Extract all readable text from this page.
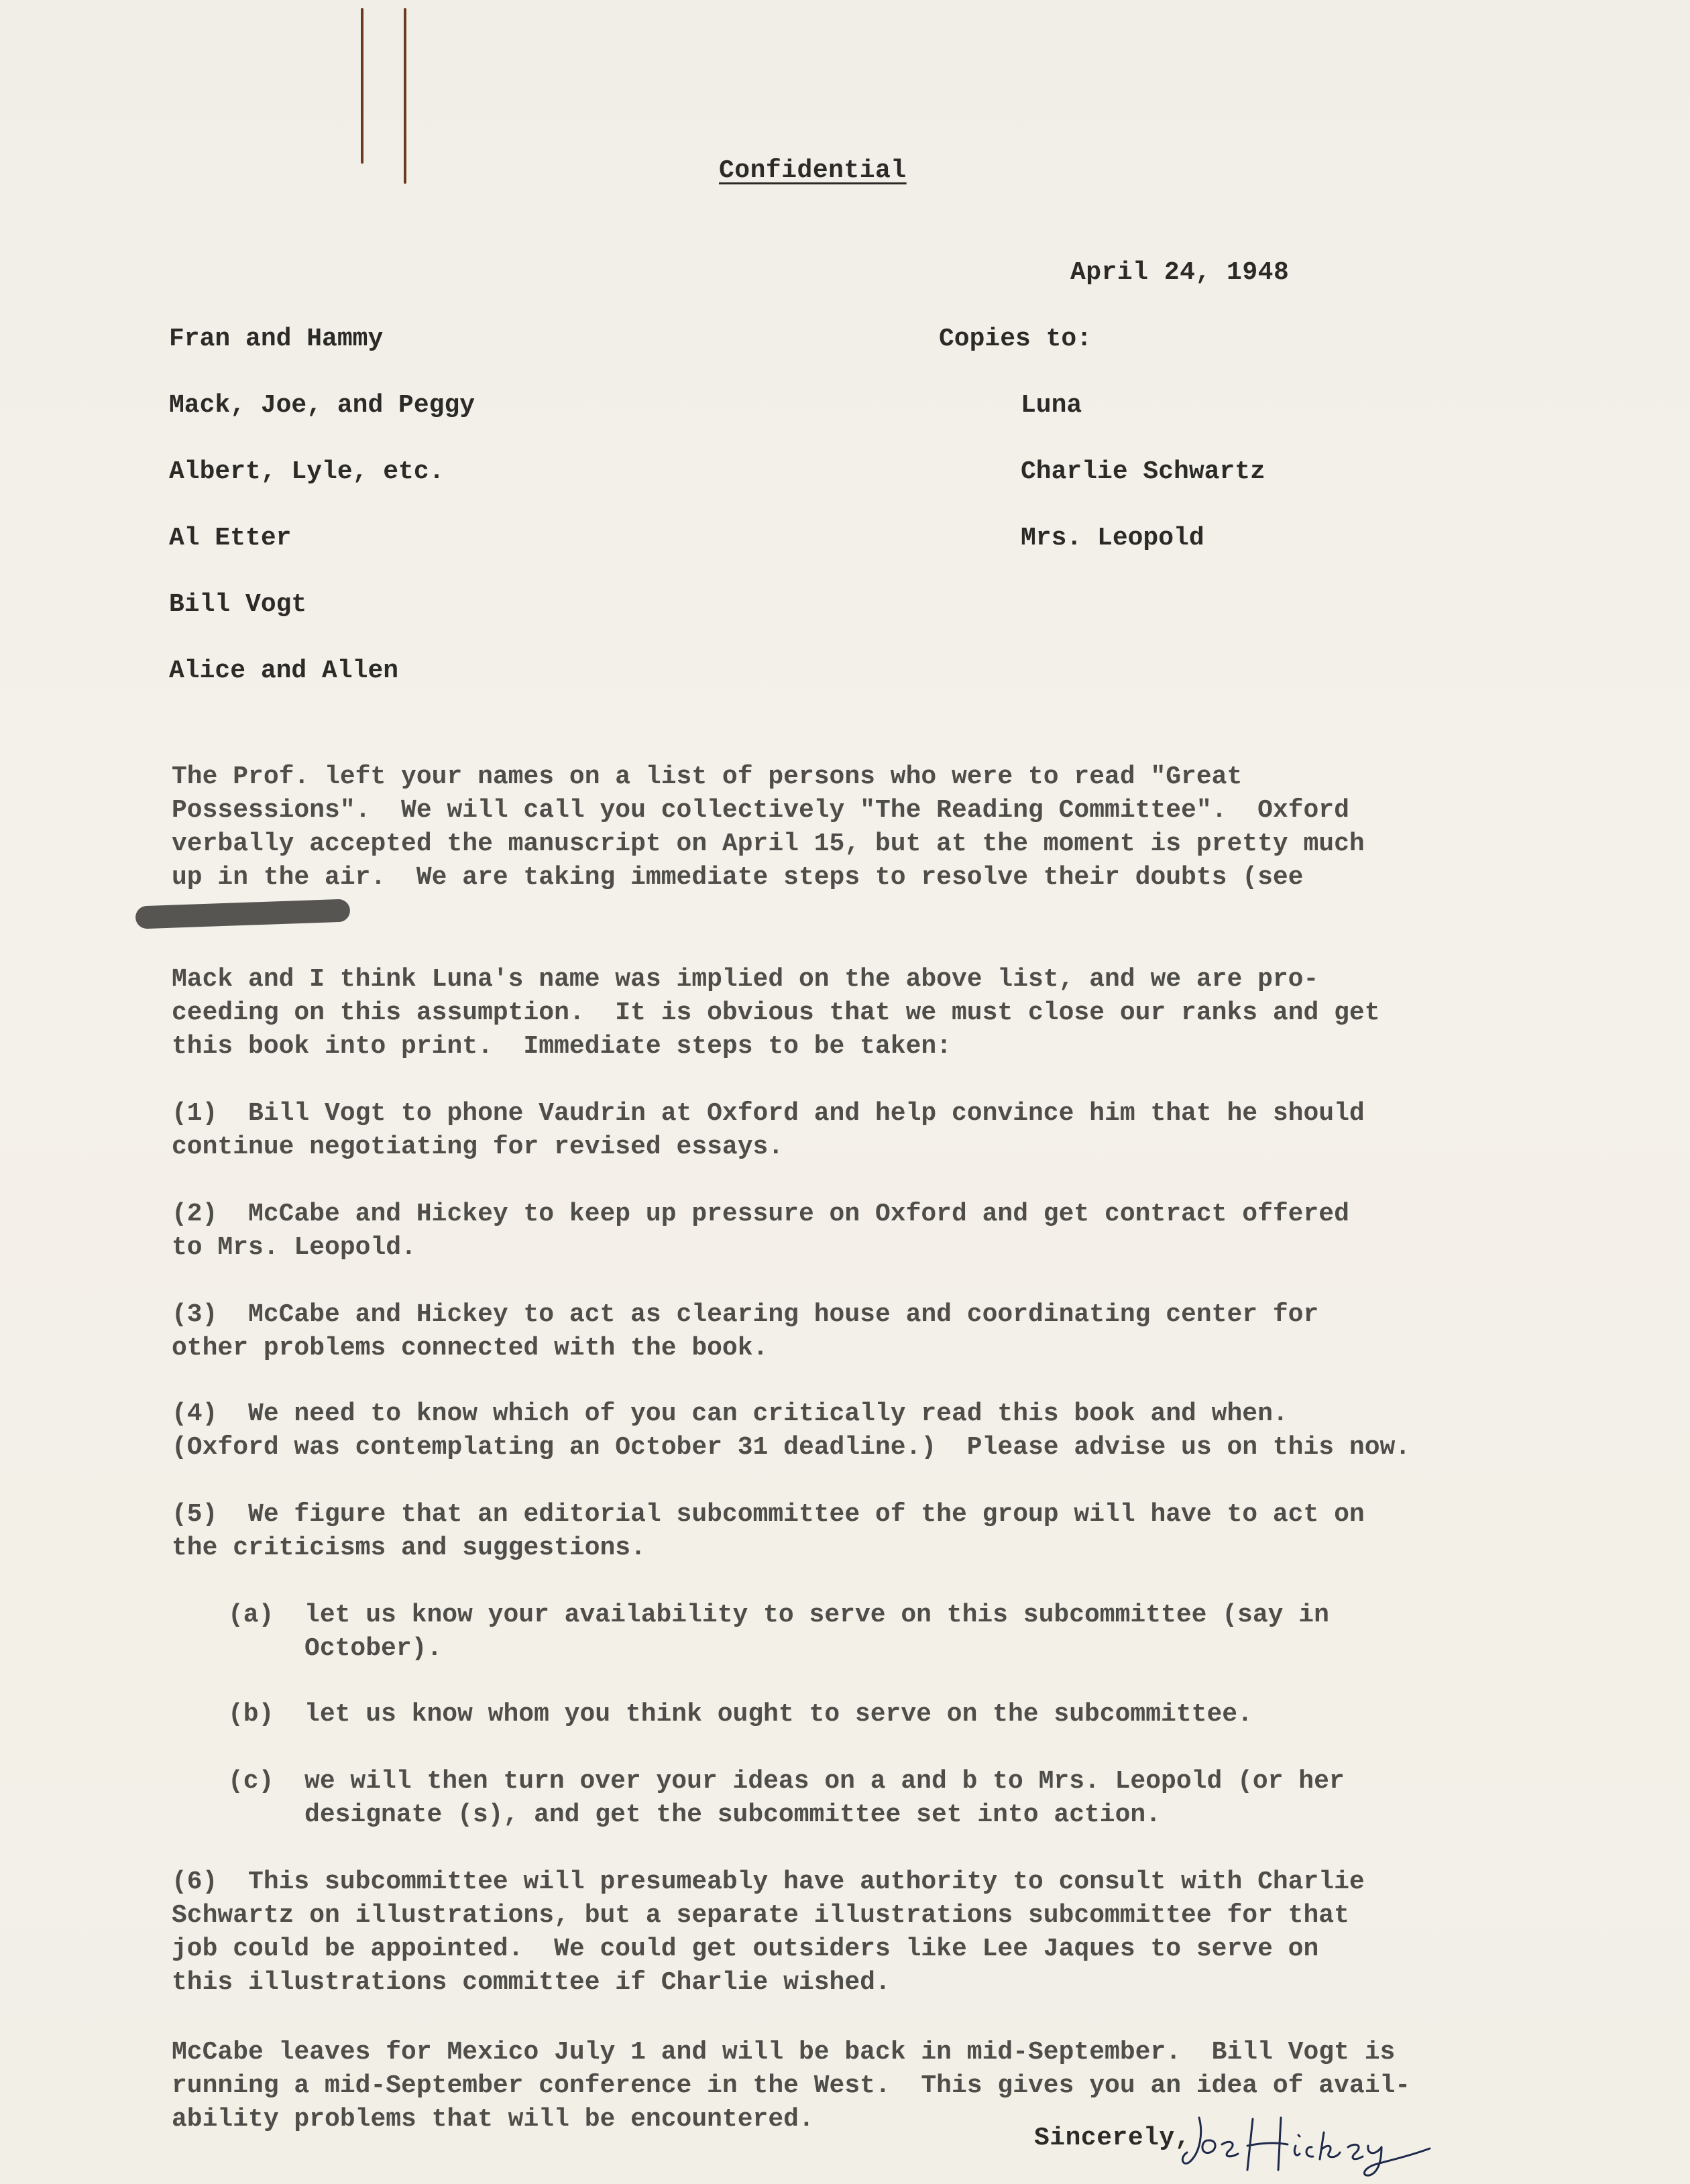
Confidential
April 24, 1948
Fran and Hammy
Mack, Joe, and Peggy
Albert, Lyle, etc.
Al Etter
Bill Vogt
Alice and Allen
Copies to:
Luna
Charlie Schwartz
Mrs. Leopold
The Prof. left your names on a list of persons who were to read "Great
Possessions".  We will call you collectively "The Reading Committee".  Oxford
verbally accepted the manuscript on April 15, but at the moment is pretty much
up in the air.  We are taking immediate steps to resolve their doubts (see
Mack and I think Luna's name was implied on the above list, and we are pro-
ceeding on this assumption.  It is obvious that we must close our ranks and get
this book into print.  Immediate steps to be taken:
(1)  Bill Vogt to phone Vaudrin at Oxford and help convince him that he should
continue negotiating for revised essays.
(2)  McCabe and Hickey to keep up pressure on Oxford and get contract offered
to Mrs. Leopold.
(3)  McCabe and Hickey to act as clearing house and coordinating center for
other problems connected with the book.
(4)  We need to know which of you can critically read this book and when.
(Oxford was contemplating an October 31 deadline.)  Please advise us on this now.
(5)  We figure that an editorial subcommittee of the group will have to act on
the criticisms and suggestions.
(a)  let us know your availability to serve on this subcommittee (say in
October).
(b)  let us know whom you think ought to serve on the subcommittee.
(c)  we will then turn over your ideas on a and b to Mrs. Leopold (or her
designate (s), and get the subcommittee set into action.
(6)  This subcommittee will presumeably have authority to consult with Charlie
Schwartz on illustrations, but a separate illustrations subcommittee for that
job could be appointed.  We could get outsiders like Lee Jaques to serve on
this illustrations committee if Charlie wished.
McCabe leaves for Mexico July 1 and will be back in mid-September.  Bill Vogt is
running a mid-September conference in the West.  This gives you an idea of avail-
ability problems that will be encountered.
Sincerely,
